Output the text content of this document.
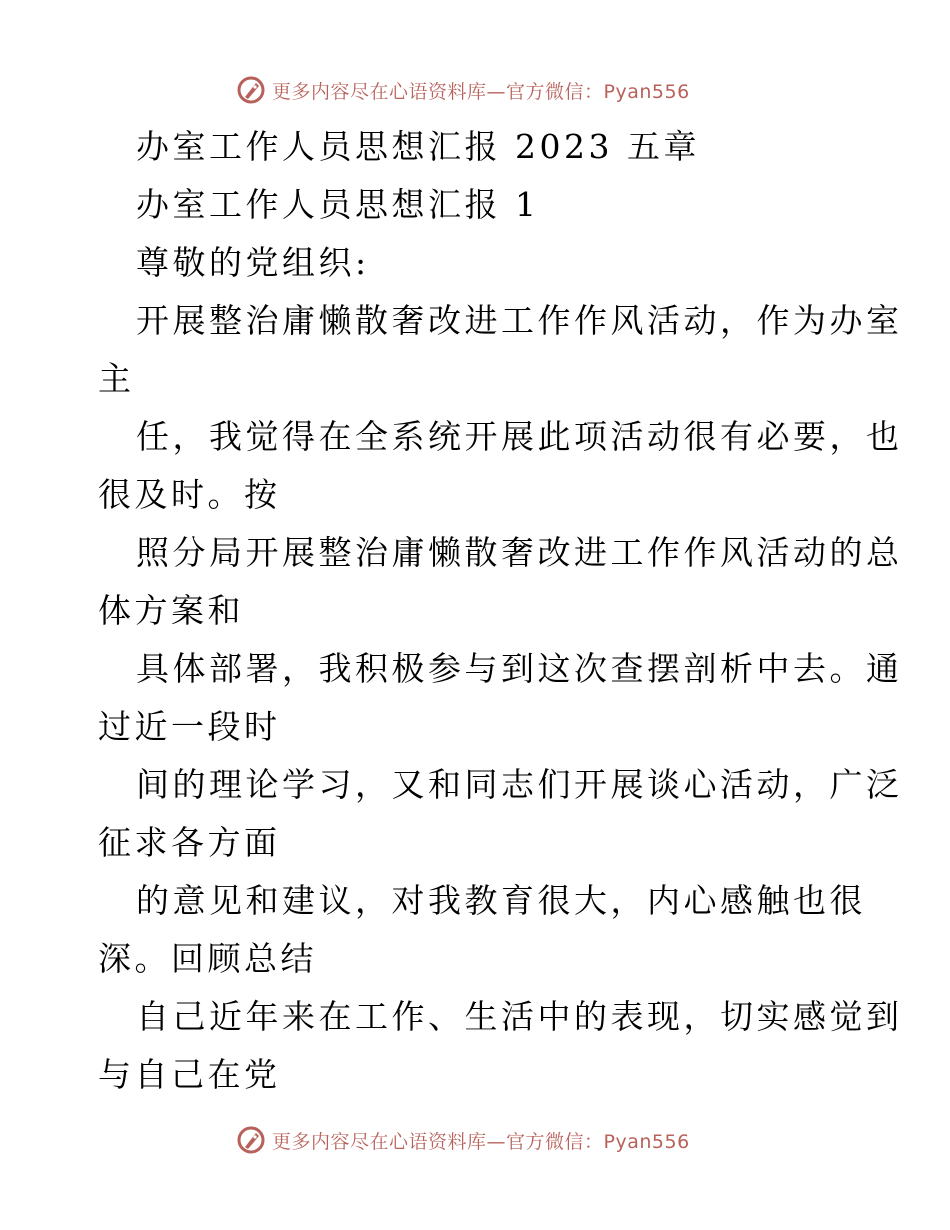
更多内容尽在心语资料库—官方微信：Pyan556
办室工作人员思想汇报 2023 五章
办室工作人员思想汇报 1
尊敬的党组织:
开展整治庸懒散奢改进工作作风活动，作为办室
主
任，我觉得在全系统开展此项活动很有必要，也
很及时。按
照分局开展整治庸懒散奢改进工作作风活动的总
体方案和
具体部署，我积极参与到这次查摆剖析中去。通
过近一段时
间的理论学习，又和同志们开展谈心活动，广泛
征求各方面
的意见和建议，对我教育很大，内心感触也很
深。回顾总结
自己近年来在工作、生活中的表现，切实感觉到
与自己在党
更多内容尽在心语资料库—官方微信：Pyan556
